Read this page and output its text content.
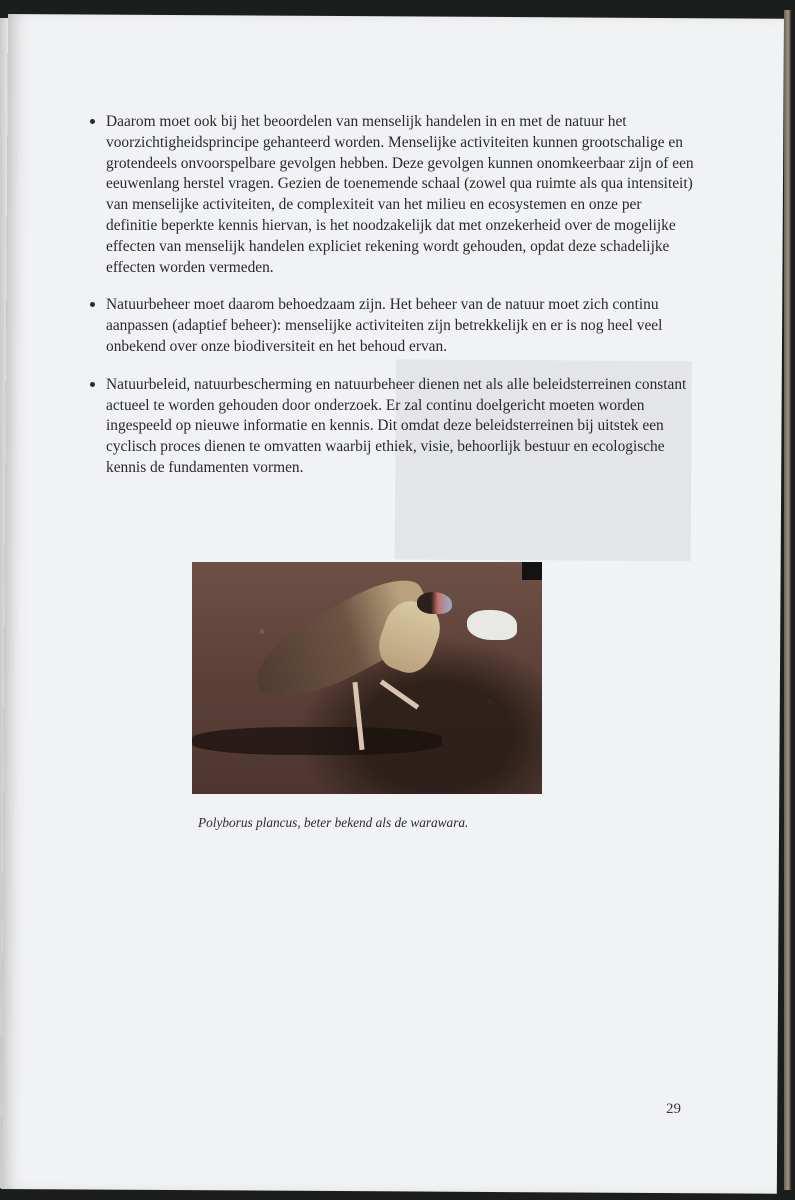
Daarom moet ook bij het beoordelen van menselijk handelen in en met de natuur het voorzichtigheidsprincipe gehanteerd worden. Menselijke activiteiten kunnen grootschalige en grotendeels onvoorspelbare gevolgen hebben. Deze gevolgen kunnen onomkeerbaar zijn of een eeuwenlang herstel vragen. Gezien de toenemende schaal (zowel qua ruimte als qua intensiteit) van menselijke activiteiten, de complexiteit van het milieu en ecosystemen en onze per definitie beperkte kennis hiervan, is het noodzakelijk dat met onzekerheid over de mogelijke effecten van menselijk handelen expliciet rekening wordt gehouden, opdat deze schadelijke effecten worden vermeden.
Natuurbeheer moet daarom behoedzaam zijn. Het beheer van de natuur moet zich continu aanpassen (adaptief beheer): menselijke activiteiten zijn betrekkelijk en er is nog heel veel onbekend over onze biodiversiteit en het behoud ervan.
Natuurbeleid, natuurbescherming en natuurbeheer dienen net als alle beleidsterreinen constant actueel te worden gehouden door onderzoek. Er zal continu doelgericht moeten worden ingespeeld op nieuwe informatie en kennis. Dit omdat deze beleidsterreinen bij uitstek een cyclisch proces dienen te omvatten waarbij ethiek, visie, behoorlijk bestuur en ecologische kennis de fundamenten vormen.
Polyborus plancus, beter bekend als de warawara.
29
